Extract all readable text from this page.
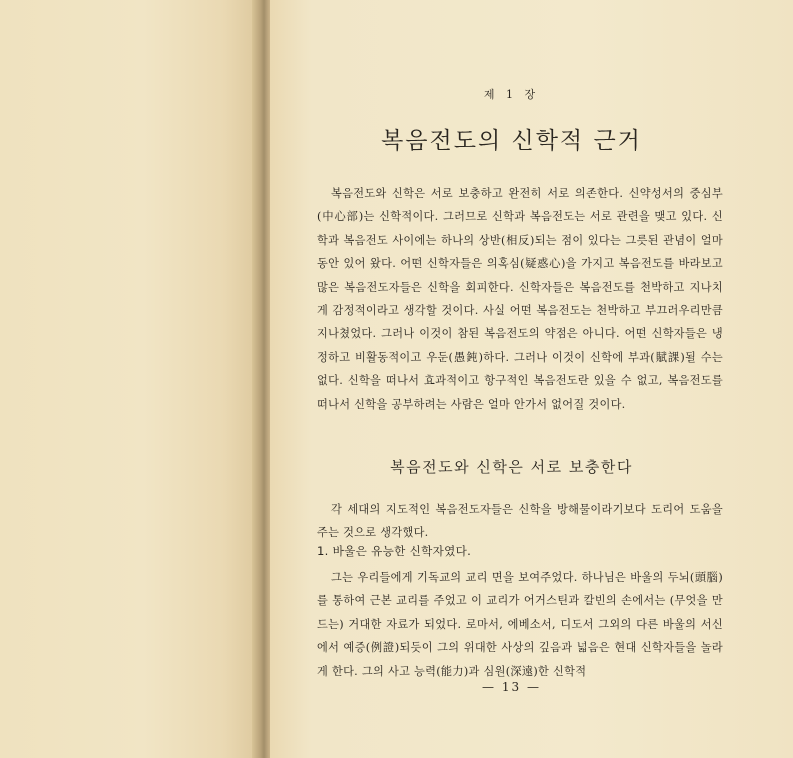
제 1 장
복음전도의 신학적 근거
복음전도와 신학은 서로 보충하고 완전히 서로 의존한다. 신약성서의 중심부(中心部)는 신학적이다. 그러므로 신학과 복음전도는 서로 관련을 맺고 있다. 신학과 복음전도 사이에는 하나의 상반(相反)되는 점이 있다는 그릇된 관념이 얼마 동안 있어 왔다. 어떤 신학자들은 의혹심(疑惑心)을 가지고 복음전도를 바라보고 많은 복음전도자들은 신학을 회피한다. 신학자들은 복음전도를 천박하고 지나치게 감정적이라고 생각할 것이다. 사실 어떤 복음전도는 천박하고 부끄러우리만큼 지나쳤었다. 그러나 이것이 참된 복음전도의 약점은 아니다. 어떤 신학자들은 냉정하고 비활동적이고 우둔(愚鈍)하다. 그러나 이것이 신학에 부과(賦課)될 수는 없다. 신학을 떠나서 효과적이고 항구적인 복음전도란 있을 수 없고, 복음전도를 떠나서 신학을 공부하려는 사람은 얼마 안가서 없어질 것이다.
복음전도와 신학은 서로 보충한다
각 세대의 지도적인 복음전도자들은 신학을 방해물이라기보다 도리어 도움을 주는 것으로 생각했다.
1. 바울은 유능한 신학자였다.
그는 우리들에게 기독교의 교리 면을 보여주었다. 하나님은 바울의 두뇌(頭腦)를 통하여 근본 교리를 주었고 이 교리가 어거스틴과 칼빈의 손에서는 (무엇을 만드는) 거대한 자료가 되었다. 로마서, 에베소서, 디도서 그외의 다른 바울의 서신에서 예증(例證)되듯이 그의 위대한 사상의 깊음과 넓음은 현대 신학자들을 놀라게 한다. 그의 사고 능력(能力)과 심원(深遠)한 신학적
— 13 —
